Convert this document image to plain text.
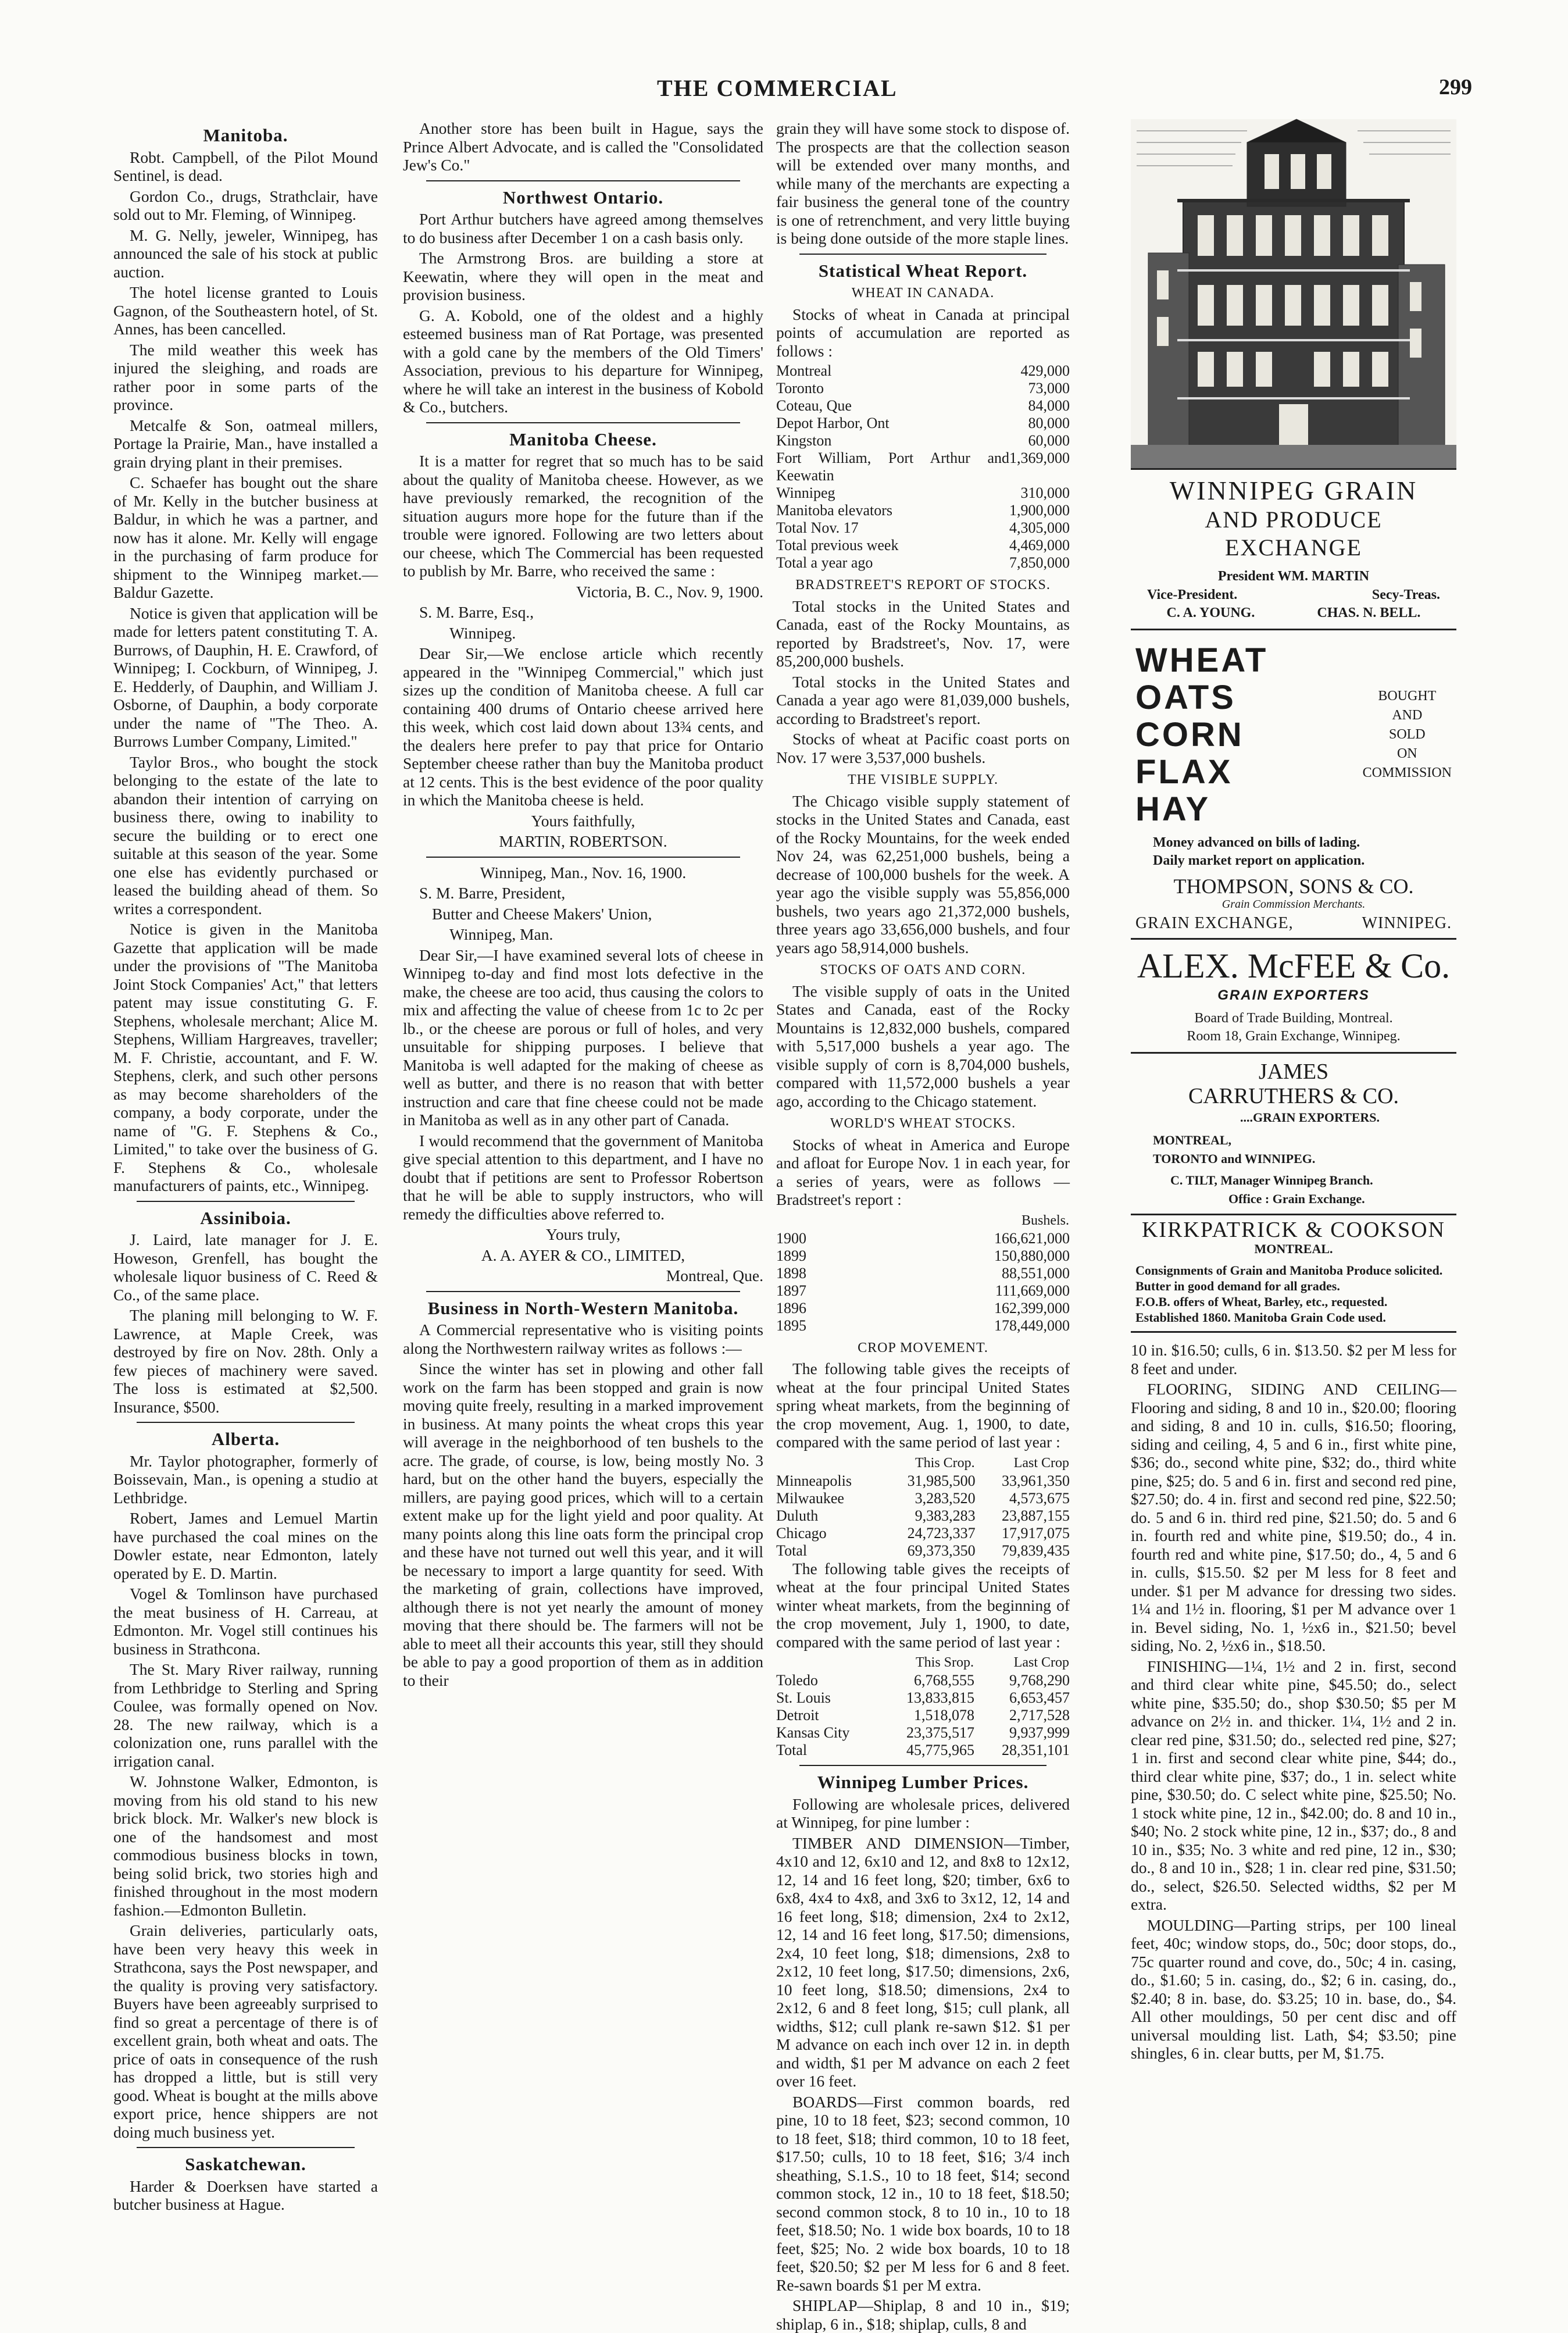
THE COMMERCIAL	299
Manitoba.

Robt. Campbell, of the Pilot Mound Sentinel, is dead.

Gordon Co., drugs, Strathclair, have sold out to Mr. Fleming, of Winnipeg.

M. G. Nelly, jeweler, Winnipeg, has announced the sale of his stock at public auction.

The hotel license granted to Louis Gagnon, of the Southeastern hotel, of St. Annes, has been cancelled.

The mild weather this week has injured the sleighing, and roads are rather poor in some parts of the province.

Metcalfe & Son, oatmeal millers, Portage la Prairie, Man., have installed a grain drying plant in their premises.

C. Schaefer has bought out the share of Mr. Kelly in the butcher business at Baldur, in which he was a partner, and now has it alone. Mr. Kelly will engage in the purchasing of farm produce for shipment to the Winnipeg market.—Baldur Gazette.

Notice is given that application will be made for letters patent constituting T. A. Burrows, of Dauphin, H. E. Crawford, of Winnipeg; I. Cockburn, of Winnipeg, J. E. Hedderly, of Dauphin, and William J. Osborne, of Dauphin, a body corporate under the name of "The Theo. A. Burrows Lumber Company, Limited."

Taylor Bros., who bought the stock belonging to the estate of the late to abandon their intention of carrying on business there, owing to inability to secure the building or to erect one suitable at this season of the year. Some one else has evidently purchased or leased the building ahead of them. So writes a correspondent.

Notice is given in the Manitoba Gazette that application will be made under the provisions of "The Manitoba Joint Stock Companies' Act," that letters patent may issue constituting G. F. Stephens, wholesale merchant; Alice M. Stephens, William Hargreaves, traveller; M. F. Christie, accountant, and F. W. Stephens, clerk, and such other persons as may become shareholders of the company, a body corporate, under the name of "G. F. Stephens & Co., Limited," to take over the business of G. F. Stephens & Co., wholesale manufacturers of paints, etc., Winnipeg.

Assiniboia.

J. Laird, late manager for J. E. Howeson, Grenfell, has bought the wholesale liquor business of C. Reed & Co., of the same place.

The planing mill belonging to W. F. Lawrence, at Maple Creek, was destroyed by fire on Nov. 28th. Only a few pieces of machinery were saved. The loss is estimated at $2,500. Insurance, $500.

Alberta.

Mr. Taylor photographer, formerly of Boissevain, Man., is opening a studio at Lethbridge.

Robert, James and Lemuel Martin have purchased the coal mines on the Dowler estate, near Edmonton, lately operated by E. D. Martin.

Vogel & Tomlinson have purchased the meat business of H. Carreau, at Edmonton. Mr. Vogel still continues his business in Strathcona.

The St. Mary River railway, running from Lethbridge to Sterling and Spring Coulee, was formally opened on Nov. 28. The new railway, which is a colonization one, runs parallel with the irrigation canal.

W. Johnstone Walker, Edmonton, is moving from his old stand to his new brick block. Mr. Walker's new block is one of the handsomest and most commodious business blocks in town, being solid brick, two stories high and finished throughout in the most modern fashion.—Edmonton Bulletin.

Grain deliveries, particularly oats, have been very heavy this week in Strathcona, says the Post newspaper, and the quality is proving very satisfactory. Buyers have been agreeably surprised to find so great a percentage of there is of excellent grain, both wheat and oats. The price of oats in consequence of the rush has dropped a little, but is still very good. Wheat is bought at the mills above export price, hence shippers are not doing much business yet.

Saskatchewan.

Harder & Doerksen have started a butcher business at Hague.

Another store has been built in Hague, says the Prince Albert Advocate, and is called the "Consolidated Jew's Co."

Northwest Ontario.

Port Arthur butchers have agreed among themselves to do business after December 1 on a cash basis only.

The Armstrong Bros. are building a store at Keewatin, where they will open in the meat and provision business.

G. A. Kobold, one of the oldest and a highly esteemed business man of Rat Portage, was presented with a gold cane by the members of the Old Timers' Association, previous to his departure for Winnipeg, where he will take an interest in the business of Kobold & Co., butchers.

Manitoba Cheese.

It is a matter for regret that so much has to be said about the quality of Manitoba cheese. However, as we have previously remarked, the recognition of the situation augurs more hope for the future than if the trouble were ignored. Following are two letters about our cheese, which The Commercial has been requested to publish by Mr. Barre, who received the same :

Victoria, B. C., Nov. 9, 1900.

S. M. Barre, Esq.,

Winnipeg.

Dear Sir,—We enclose article which recently appeared in the "Winnipeg Commercial," which just sizes up the condition of Manitoba cheese. A full car containing 400 drums of Ontario cheese arrived here this week, which cost laid down about 13¾ cents, and the dealers here prefer to pay that price for Ontario September cheese rather than buy the Manitoba product at 12 cents. This is the best evidence of the poor quality in which the Manitoba cheese is held.

Yours faithfully,

MARTIN, ROBERTSON.

Winnipeg, Man., Nov. 16, 1900.

S. M. Barre, President,

Butter and Cheese Makers' Union,

Winnipeg, Man.

Dear Sir,—I have examined several lots of cheese in Winnipeg to-day and find most lots defective in the make, the cheese are too acid, thus causing the colors to mix and affecting the value of cheese from 1c to 2c per lb., or the cheese are porous or full of holes, and very unsuitable for shipping purposes. I believe that Manitoba is well adapted for the making of cheese as well as butter, and there is no reason that with better instruction and care that fine cheese could not be made in Manitoba as well as in any other part of Canada.

I would recommend that the government of Manitoba give special attention to this department, and I have no doubt that if petitions are sent to Professor Robertson that he will be able to supply instructors, who will remedy the difficulties above referred to.

Yours truly,

A. A. AYER & CO., LIMITED,

Montreal, Que.

Business in North-Western Manitoba.

A Commercial representative who is visiting points along the Northwestern railway writes as follows :—

Since the winter has set in plowing and other fall work on the farm has been stopped and grain is now moving quite freely, resulting in a marked improvement in business. At many points the wheat crops this year will average in the neighborhood of ten bushels to the acre. The grade, of course, is low, being mostly No. 3 hard, but on the other hand the buyers, especially the millers, are paying good prices, which will to a certain extent make up for the light yield and poor quality. At many points along this line oats form the principal crop and these have not turned out well this year, and it will be necessary to import a large quantity for seed. With the marketing of grain, collections have improved, although there is not yet nearly the amount of money moving that there should be. The farmers will not be able to meet all their accounts this year, still they should be able to pay a good proportion of them as in addition to their

grain they will have some stock to dispose of. The prospects are that the collection season will be extended over many months, and while many of the merchants are expecting a fair business the general tone of the country is one of retrenchment, and very little buying is being done outside of the more staple lines.

Statistical Wheat Report.
WHEAT IN CANADA.

Stocks of wheat in Canada at principal points of accumulation are reported as follows :

Montreal	429,000
Toronto	73,000
Coteau, Que	84,000
Depot Harbor, Ont	80,000
Kingston	60,000
Fort William, Port Arthur and Keewatin	1,369,000
Winnipeg	310,000
Manitoba elevators	1,900,000
Total Nov. 17	4,305,000
Total previous week	4,469,000
Total a year ago	7,850,000
BRADSTREET'S REPORT OF STOCKS.

Total stocks in the United States and Canada, east of the Rocky Mountains, as reported by Bradstreet's, Nov. 17, were 85,200,000 bushels.

Total stocks in the United States and Canada a year ago were 81,039,000 bushels, according to Bradstreet's report.

Stocks of wheat at Pacific coast ports on Nov. 17 were 3,537,000 bushels.

THE VISIBLE SUPPLY.

The Chicago visible supply statement of stocks in the United States and Canada, east of the Rocky Mountains, for the week ended Nov 24, was 62,251,000 bushels, being a decrease of 100,000 bushels for the week. A year ago the visible supply was 55,856,000 bushels, two years ago 21,372,000 bushels, three years ago 33,656,000 bushels, and four years ago 58,914,000 bushels.

STOCKS OF OATS AND CORN.

The visible supply of oats in the United States and Canada, east of the Rocky Mountains is 12,832,000 bushels, compared with 5,517,000 bushels a year ago. The visible supply of corn is 8,704,000 bushels, compared with 11,572,000 bushels a year ago, according to the Chicago statement.

WORLD'S WHEAT STOCKS.

Stocks of wheat in America and Europe and afloat for Europe Nov. 1 in each year, for a series of years, were as follows — Bradstreet's report :

	Bushels.
1900	166,621,000
1899	150,880,000
1898	88,551,000
1897	111,669,000
1896	162,399,000
1895	178,449,000
CROP MOVEMENT.

The following table gives the receipts of wheat at the four principal United States spring wheat markets, from the beginning of the crop movement, Aug. 1, 1900, to date, compared with the same period of last year :

	This Crop.	Last Crop
Minneapolis	31,985,500	33,961,350
Milwaukee	3,283,520	4,573,675
Duluth	9,383,283	23,887,155
Chicago	24,723,337	17,917,075
Total	69,373,350	79,839,435

The following table gives the receipts of wheat at the four principal United States winter wheat markets, from the beginning of the crop movement, July 1, 1900, to date, compared with the same period of last year :

	This Srop.	Last Crop
Toledo	6,768,555	9,768,290
St. Louis	13,833,815	6,653,457
Detroit	1,518,078	2,717,528
Kansas City	23,375,517	9,937,999
Total	45,775,965	28,351,101
Winnipeg Lumber Prices.

Following are wholesale prices, delivered at Winnipeg, for pine lumber :

TIMBER AND DIMENSION—Timber, 4x10 and 12, 6x10 and 12, and 8x8 to 12x12, 12, 14 and 16 feet long, $20; timber, 6x6 to 6x8, 4x4 to 4x8, and 3x6 to 3x12, 12, 14 and 16 feet long, $18; dimension, 2x4 to 2x12, 12, 14 and 16 feet long, $17.50; dimensions, 2x4, 10 feet long, $18; dimensions, 2x8 to 2x12, 10 feet long, $17.50; dimensions, 2x6, 10 feet long, $18.50; dimensions, 2x4 to 2x12, 6 and 8 feet long, $15; cull plank, all widths, $12; cull plank re-sawn $12. $1 per M advance on each inch over 12 in. in depth and width, $1 per M advance on each 2 feet over 16 feet.

BOARDS—First common boards, red pine, 10 to 18 feet, $23; second common, 10 to 18 feet, $18; third common, 10 to 18 feet, $17.50; culls, 10 to 18 feet, $16; 3/4 inch sheathing, S.1.S., 10 to 18 feet, $14; second common stock, 12 in., 10 to 18 feet, $18.50; second common stock, 8 to 10 in., 10 to 18 feet, $18.50; No. 1 wide box boards, 10 to 18 feet, $25; No. 2 wide box boards, 10 to 18 feet, $20.50; $2 per M less for 6 and 8 feet. Re-sawn boards $1 per M extra.

SHIPLAP—Shiplap, 8 and 10 in., $19; shiplap, 6 in., $18; shiplap, culls, 8 and

WINNIPEG GRAIN
AND PRODUCE EXCHANGE
President WM. MARTIN
Vice-President.	Secy-Treas.
C. A. YOUNG.	CHAS. N. BELL.
WHEAT
OATS
CORN
FLAX
HAY
BOUGHT
AND
SOLD
ON
COMMISSION
Money advanced on bills of lading.
Daily market report on application.
THOMPSON, SONS & CO.
Grain Commission Merchants.
GRAIN EXCHANGE,	WINNIPEG.
ALEX. McFEE & Co.
GRAIN EXPORTERS
Board of Trade Building, Montreal.
Room 18, Grain Exchange, Winnipeg.
JAMES
CARRUTHERS & CO.
....GRAIN EXPORTERS.
MONTREAL,
TORONTO and WINNIPEG.
C. TILT, Manager Winnipeg Branch.
Office : Grain Exchange.
KIRKPATRICK & COOKSON
MONTREAL.
Consignments of Grain and Manitoba Produce solicited.
Butter in good demand for all grades.
F.O.B. offers of Wheat, Barley, etc., requested.
Established 1860. Manitoba Grain Code used.

10 in. $16.50; culls, 6 in. $13.50. $2 per M less for 8 feet and under.

FLOORING, SIDING AND CEILING—Flooring and siding, 8 and 10 in., $20.00; flooring and siding, 8 and 10 in. culls, $16.50; flooring, siding and ceiling, 4, 5 and 6 in., first white pine, $36; do., second white pine, $32; do., third white pine, $25; do. 5 and 6 in. first and second red pine, $27.50; do. 4 in. first and second red pine, $22.50; do. 5 and 6 in. third red pine, $21.50; do. 5 and 6 in. fourth red and white pine, $19.50; do., 4 in. fourth red and white pine, $17.50; do., 4, 5 and 6 in. culls, $15.50. $2 per M less for 8 feet and under. $1 per M advance for dressing two sides. 1¼ and 1½ in. flooring, $1 per M advance over 1 in. Bevel siding, No. 1, ½x6 in., $21.50; bevel siding, No. 2, ½x6 in., $18.50.

FINISHING—1¼, 1½ and 2 in. first, second and third clear white pine, $45.50; do., select white pine, $35.50; do., shop $30.50; $5 per M advance on 2½ in. and thicker. 1¼, 1½ and 2 in. clear red pine, $31.50; do., selected red pine, $27; 1 in. first and second clear white pine, $44; do., third clear white pine, $37; do., 1 in. select white pine, $30.50; do. C select white pine, $25.50; No. 1 stock white pine, 12 in., $42.00; do. 8 and 10 in., $40; No. 2 stock white pine, 12 in., $37; do., 8 and 10 in., $35; No. 3 white and red pine, 12 in., $30; do., 8 and 10 in., $28; 1 in. clear red pine, $31.50; do., select, $26.50. Selected widths, $2 per M extra.

MOULDING—Parting strips, per 100 lineal feet, 40c; window stops, do., 50c; door stops, do., 75c quarter round and cove, do., 50c; 4 in. casing, do., $1.60; 5 in. casing, do., $2; 6 in. casing, do., $2.40; 8 in. base, do. $3.25; 10 in. base, do., $4. All other mouldings, 50 per cent disc and off universal moulding list. Lath, $4; $3.50; pine shingles, 6 in. clear butts, per M, $1.75.
